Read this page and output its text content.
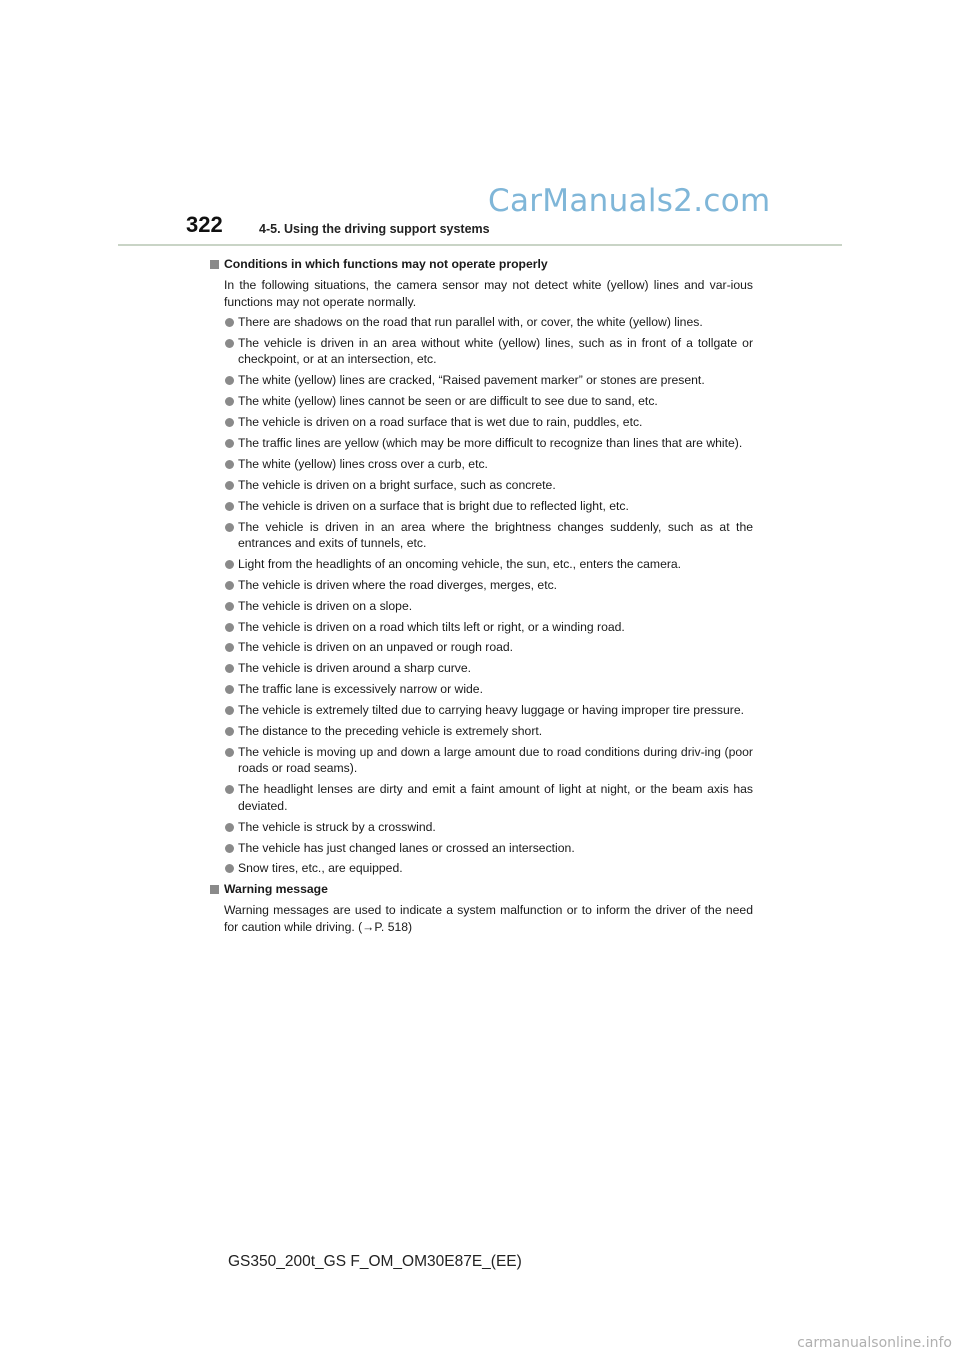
CarManuals2.com
322	4-5. Using the driving support systems
Conditions in which functions may not operate properly

In the following situations, the camera sensor may not detect white (yellow) lines and var-ious functions may not operate normally.

There are shadows on the road that run parallel with, or cover, the white (yellow) lines.
The vehicle is driven in an area without white (yellow) lines, such as in front of a tollgate or checkpoint, or at an intersection, etc.
The white (yellow) lines are cracked, “Raised pavement marker” or stones are present.
The white (yellow) lines cannot be seen or are difficult to see due to sand, etc.
The vehicle is driven on a road surface that is wet due to rain, puddles, etc.
The traffic lines are yellow (which may be more difficult to recognize than lines that are white).
The white (yellow) lines cross over a curb, etc.
The vehicle is driven on a bright surface, such as concrete.
The vehicle is driven on a surface that is bright due to reflected light, etc.
The vehicle is driven in an area where the brightness changes suddenly, such as at the entrances and exits of tunnels, etc.
Light from the headlights of an oncoming vehicle, the sun, etc., enters the camera.
The vehicle is driven where the road diverges, merges, etc.
The vehicle is driven on a slope.
The vehicle is driven on a road which tilts left or right, or a winding road.
The vehicle is driven on an unpaved or rough road.
The vehicle is driven around a sharp curve.
The traffic lane is excessively narrow or wide.
The vehicle is extremely tilted due to carrying heavy luggage or having improper tire pressure.
The distance to the preceding vehicle is extremely short.
The vehicle is moving up and down a large amount due to road conditions during driv-ing (poor roads or road seams).
The headlight lenses are dirty and emit a faint amount of light at night, or the beam axis has deviated.
The vehicle is struck by a crosswind.
The vehicle has just changed lanes or crossed an intersection.
Snow tires, etc., are equipped.
Warning message

Warning messages are used to indicate a system malfunction or to inform the driver of the need for caution while driving. (→P. 518)

GS350_200t_GS F_OM_OM30E87E_(EE)
carmanualsonline.info
